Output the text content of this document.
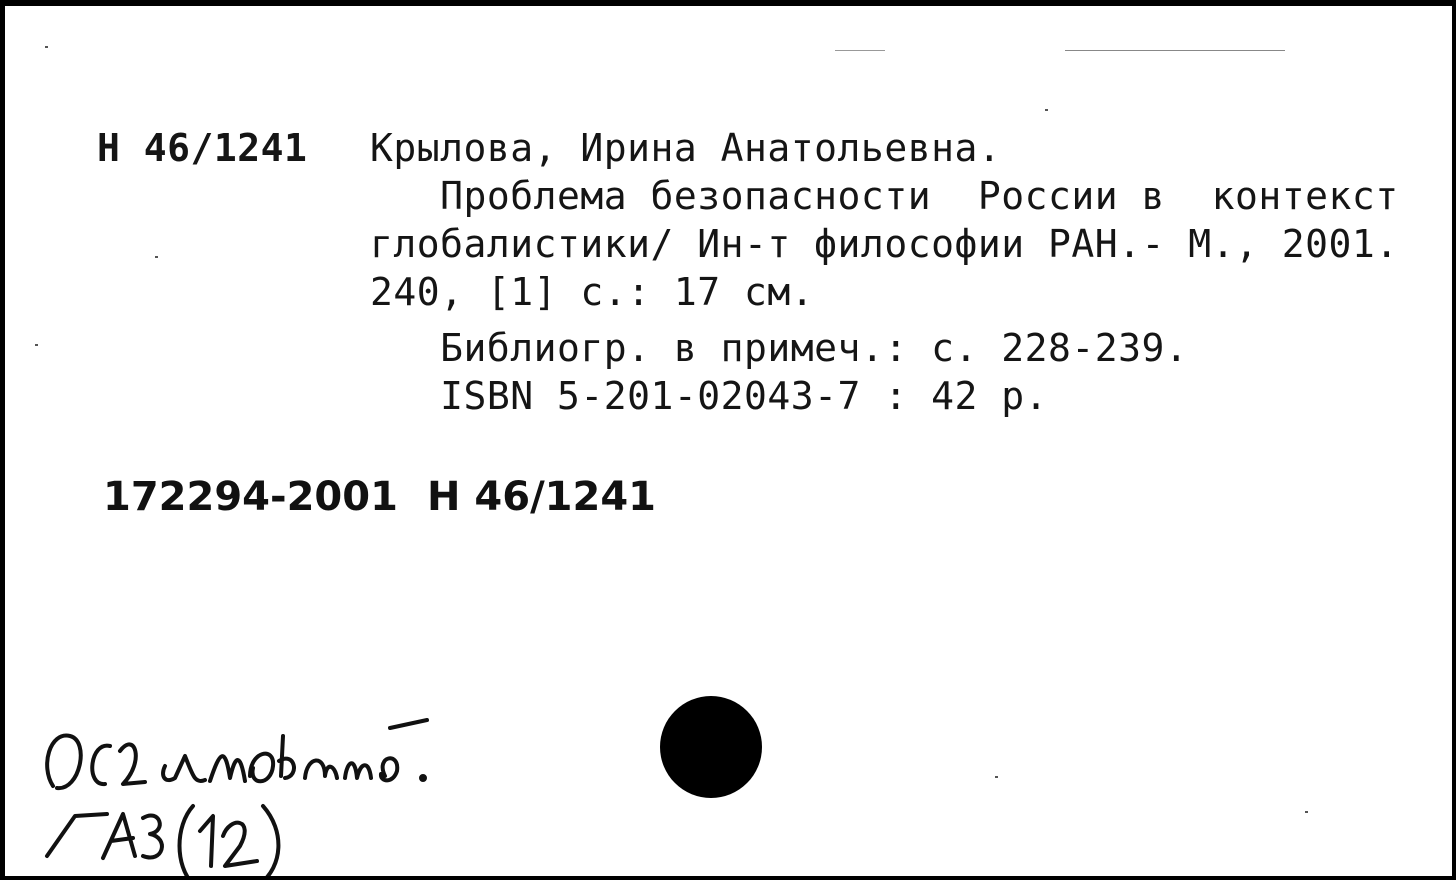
Н 46/1241 Крылова, Ирина Анатольевна.
Проблема безопасности  России в  контекст
глобалистики/ Ин-т философии РАН.- М., 2001.
240, [1] с.: 17 см.
Библиогр. в примеч.: с. 228-239.
ISBN 5-201-02043-7 : 42 р.
172294-2001 Н 46/1241
